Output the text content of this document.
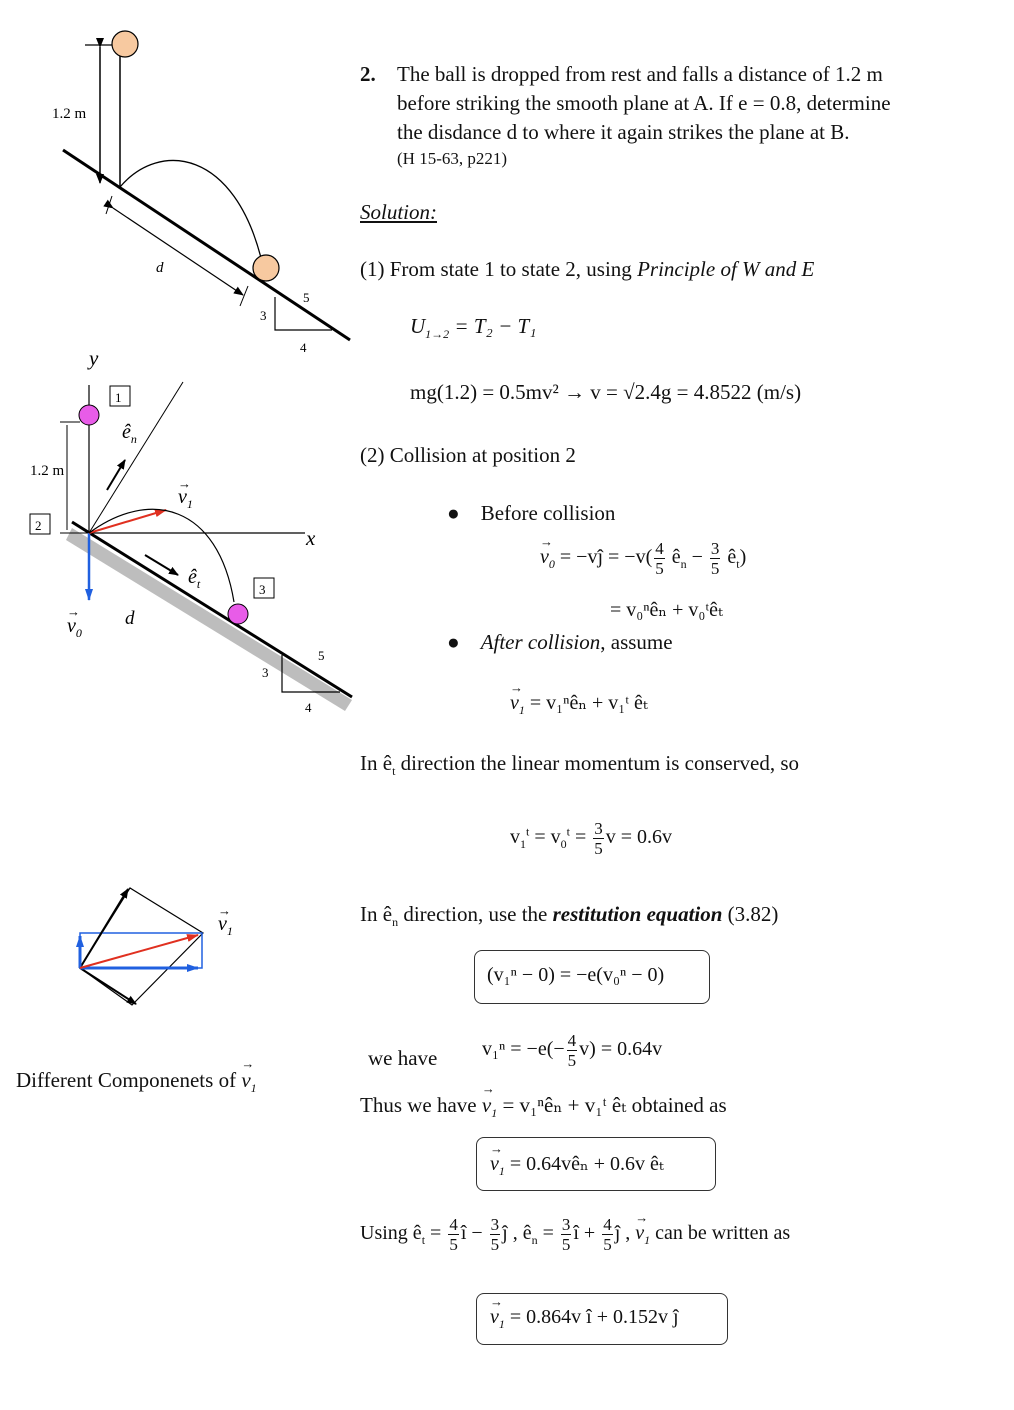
1.2 m
d
3
4
5
1
2
3
y
x
1.2 m
d
3
4
5
$ê_n$
$v_1$
→
$ê_t$
$v_0$
→
$v_1$
→
Different Componenets of → $v_1$
2. The ball is dropped from rest and falls a distance of 1.2 m
before striking the smooth plane at A. If e = 0.8, determine
the disdance d to where it again strikes the plane at B.
(H 15-63, p221)
Solution:
(1) From state 1 to state 2, using Principle of W and E
$U_{1\to 2} = T_2 - T_1$
mg(1.2) = 0.5mv² → v = √2.4g = 4.8522 (m/s)
(2) Collision at position 2
●    Before collision
→ $v_0$ = −vĵ = $-v( \frac{4}{5}$ $ê_n - \frac{3}{5}$ $ê_t$)
= v₀ⁿêₙ + v₀ᵗêₜ
●    After collision, assume
→ $v_1$ = v₁ⁿêₙ + v₁ᵗ êₜ
In $ê_t$ direction the linear momentum is conserved, so
$v_1^t = v_0^t = \frac{3}{5}$ v = 0.6v
In $ê_n$ direction, use the restitution equation (3.82)
(v₁ⁿ − 0) = −e(v₀ⁿ − 0)
we have $v_1^n = -e(- \frac{4}{5} v) = 0.64v$
Thus we have → $v_1$ = v₁ⁿêₙ + v₁ᵗ êₜ obtained as
→ $v_1$ = 0.64vêₙ + 0.6v êₜ
Using $ê_t = \frac{4}{5}$ î − $\frac{3}{5}$ ĵ , $ê_n = \frac{3}{5}$ î + $\frac{4}{5}$ ĵ , → $v_1$ can be written as
→ $v_1 = 0.864v$ î + 0.152v ĵ
